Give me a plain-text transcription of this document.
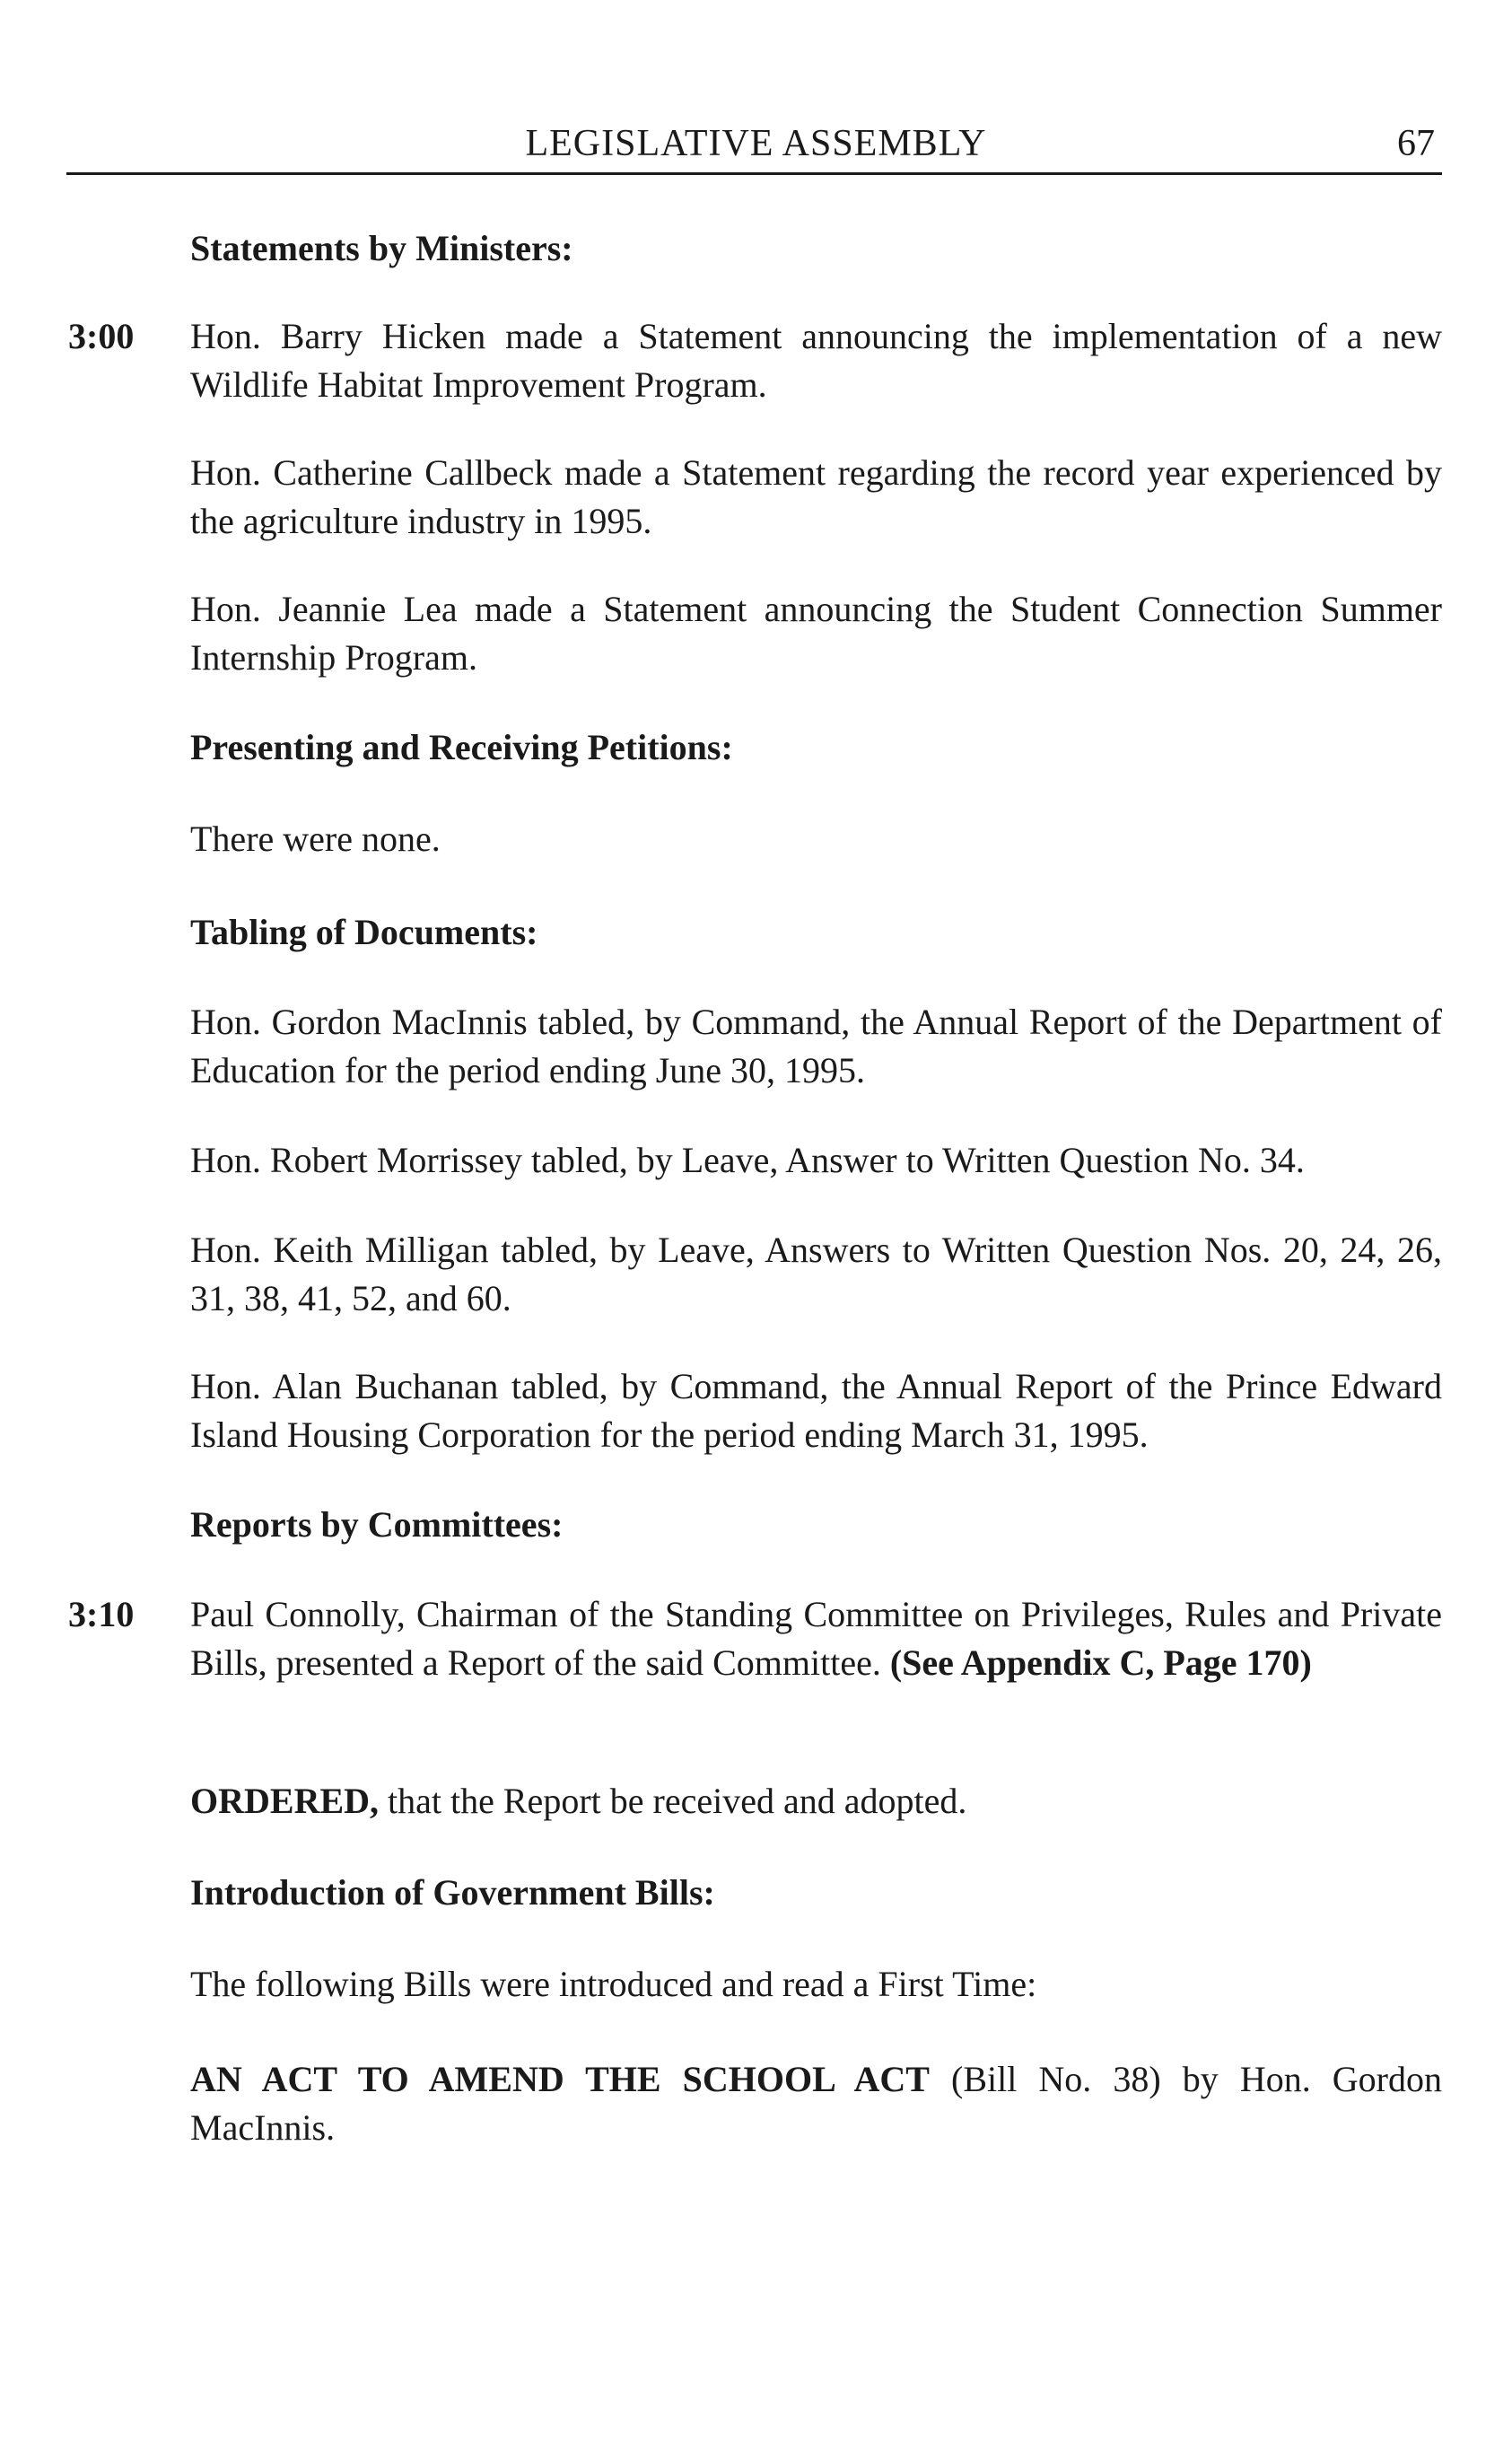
LEGISLATIVE ASSEMBLY	67
Statements by Ministers:
3:00 Hon. Barry Hicken made a Statement announcing the implementation of a new Wildlife Habitat Improvement Program.
Hon. Catherine Callbeck made a Statement regarding the record year experienced by the agriculture industry in 1995.
Hon. Jeannie Lea made a Statement announcing the Student Connection Summer Internship Program.
Presenting and Receiving Petitions:
There were none.
Tabling of Documents:
Hon. Gordon MacInnis tabled, by Command, the Annual Report of the Department of Education for the period ending June 30, 1995.
Hon. Robert Morrissey tabled, by Leave, Answer to Written Question No. 34.
Hon. Keith Milligan tabled, by Leave, Answers to Written Question Nos. 20, 24, 26, 31, 38, 41, 52, and 60.
Hon. Alan Buchanan tabled, by Command, the Annual Report of the Prince Edward Island Housing Corporation for the period ending March 31, 1995.
Reports by Committees:
3:10 Paul Connolly, Chairman of the Standing Committee on Privileges, Rules and Private Bills, presented a Report of the said Committee. (See Appendix C, Page 170)
ORDERED, that the Report be received and adopted.
Introduction of Government Bills:
The following Bills were introduced and read a First Time:
AN ACT TO AMEND THE SCHOOL ACT (Bill No. 38) by Hon. Gordon MacInnis.
